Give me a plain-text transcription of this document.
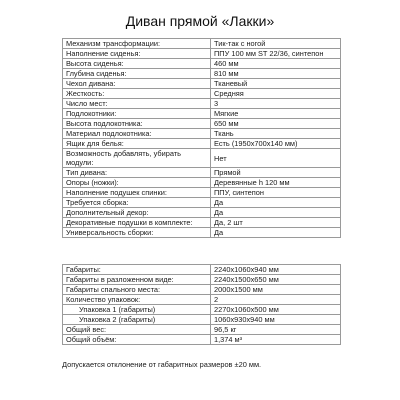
Диван прямой «Лакки»
Механизм трансформации:	Тик-так с ногой
Наполнение сиденья:	ППУ 100 мм ST 22/36, синтепон
Высота сиденья:	460 мм
Глубина сиденья:	810 мм
Чехол дивана:	Тканевый
Жесткость:	Средняя
Число мест:	3
Подлокотники:	Мягкие
Высота подлокотника:	650 мм
Материал подлокотника:	Ткань
Ящик для белья:	Есть (1950x700x140 мм)
Возможность добавлять, убирать модули:	Нет
Тип дивана:	Прямой
Опоры (ножки):	Деревянные h 120 мм
Наполнение подушек спинки:	ППУ, синтепон
Требуется сборка:	Да
Дополнительный декор:	Да
Декоративные подушки в комплекте:	Да, 2 шт
Универсальность сборки:	Да
Габариты:	2240x1060x940 мм
Габариты в разложенном виде:	2240x1500x650 мм
Габариты спального места:	2000x1500 мм
Количество упаковок:	2
Упаковка 1 (габариты)	2270x1060x500 мм
Упаковка 2 (габариты)	1060x930x940 мм
Общий вес:	96,5 кг
Общий объём:	1,374 м³
Допускается отклонение от габаритных размеров ±20 мм.
